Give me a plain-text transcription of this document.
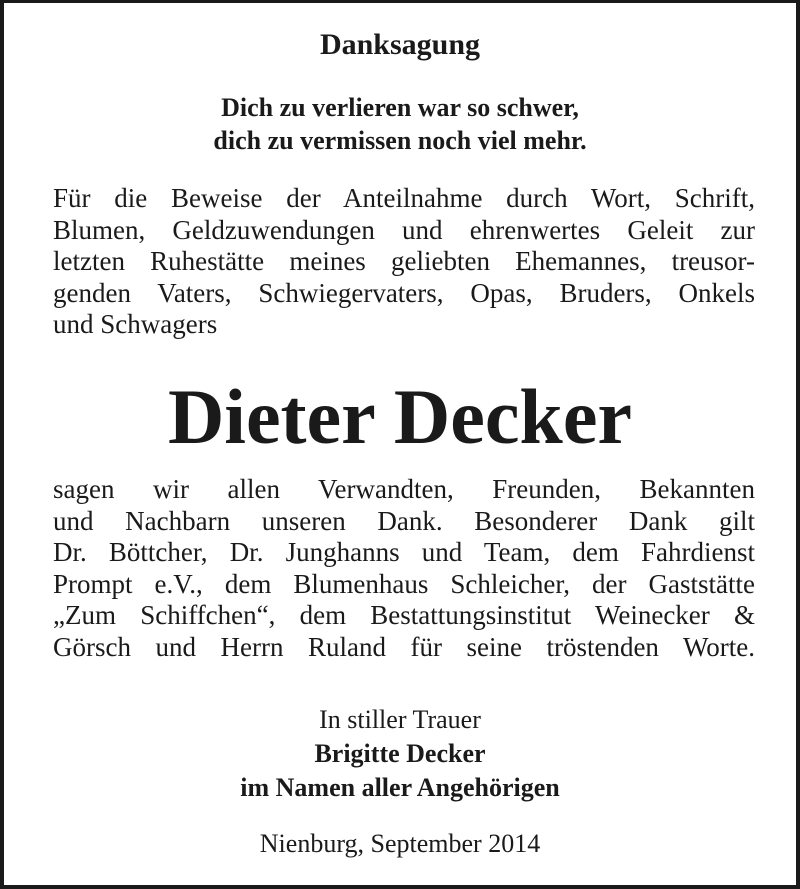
Danksagung
Dich zu verlieren war so schwer,
dich zu vermissen noch viel mehr.
Für die Beweise der Anteilnahme durch Wort, Schrift,
Blumen, Geldzuwendungen und ehrenwertes Geleit zur
letzten Ruhestätte meines geliebten Ehemannes, treusor-
genden Vaters, Schwiegervaters, Opas, Bruders, Onkels
und Schwagers
Dieter Decker
sagen wir allen Verwandten, Freunden, Bekannten
und Nachbarn unseren Dank. Besonderer Dank gilt
Dr. Böttcher, Dr. Junghanns und Team, dem Fahrdienst
Prompt e.V., dem Blumenhaus Schleicher, der Gaststätte
„Zum Schiffchen“, dem Bestattungsinstitut Weinecker &
Görsch und Herrn Ruland für seine tröstenden Worte.
In stiller Trauer
Brigitte Decker
im Namen aller Angehörigen
Nienburg, September 2014
